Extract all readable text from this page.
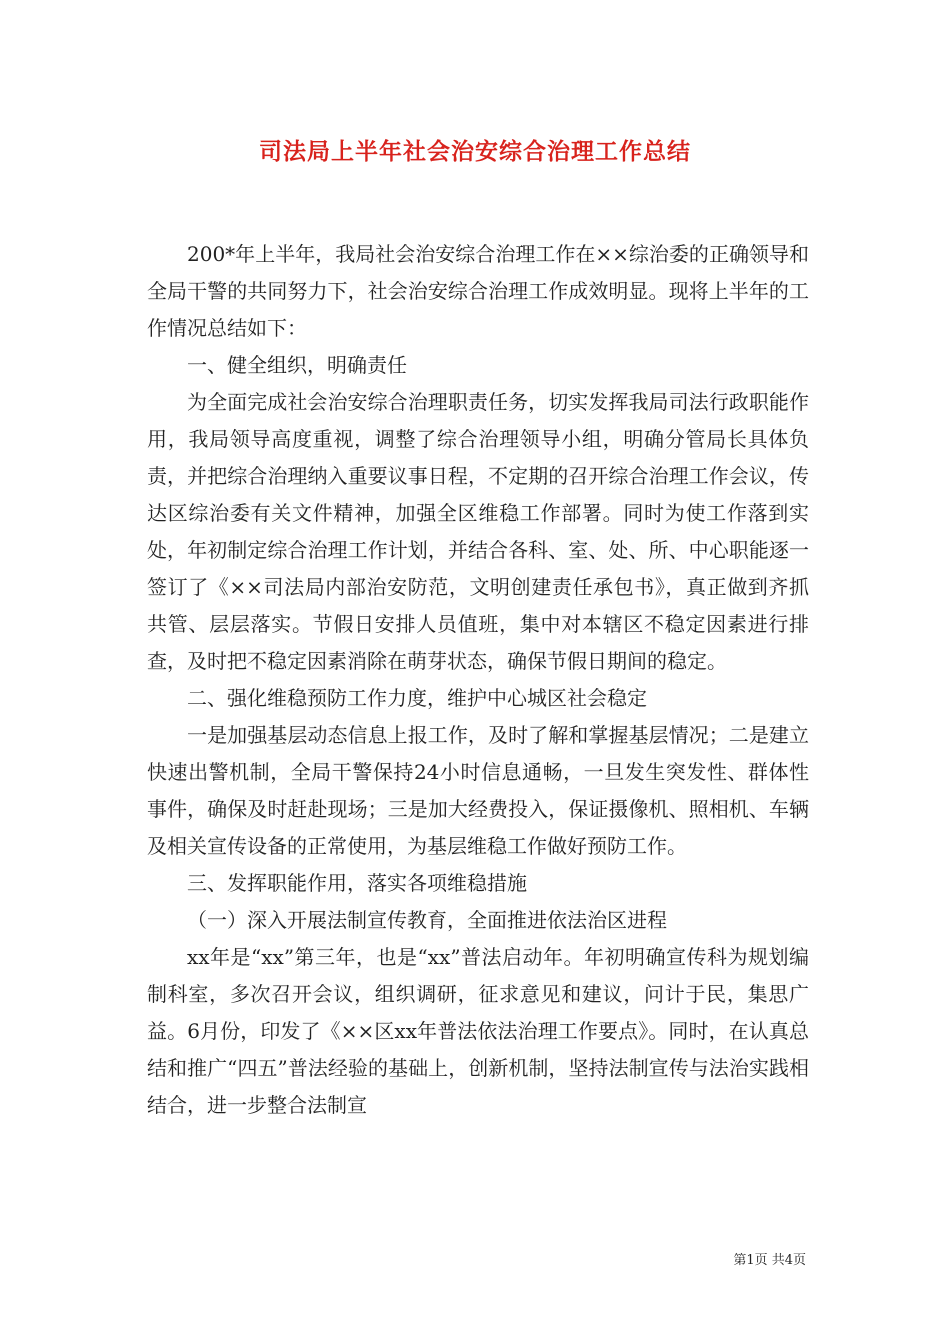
司法局上半年社会治安综合治理工作总结

200*年上半年，我局社会治安综合治理工作在××综治委的正确领导和全局干警的共同努力下，社会治安综合治理工作成效明显。现将上半年的工作情况总结如下：

一、健全组织，明确责任

为全面完成社会治安综合治理职责任务，切实发挥我局司法行政职能作用，我局领导高度重视，调整了综合治理领导小组，明确分管局长具体负责，并把综合治理纳入重要议事日程，不定期的召开综合治理工作会议，传达区综治委有关文件精神，加强全区维稳工作部署。同时为使工作落到实处，年初制定综合治理工作计划，并结合各科、室、处、所、中心职能逐一签订了《××司法局内部治安防范，文明创建责任承包书》，真正做到齐抓共管、层层落实。节假日安排人员值班，集中对本辖区不稳定因素进行排查，及时把不稳定因素消除在萌芽状态，确保节假日期间的稳定。

二、强化维稳预防工作力度，维护中心城区社会稳定

一是加强基层动态信息上报工作，及时了解和掌握基层情况；二是建立快速出警机制，全局干警保持24小时信息通畅，一旦发生突发性、群体性事件，确保及时赶赴现场；三是加大经费投入，保证摄像机、照相机、车辆及相关宣传设备的正常使用，为基层维稳工作做好预防工作。

三、发挥职能作用，落实各项维稳措施

（一）深入开展法制宣传教育，全面推进依法治区进程

xx年是“xx”第三年，也是“xx”普法启动年。年初明确宣传科为规划编制科室，多次召开会议，组织调研，征求意见和建议，问计于民，集思广益。6月份，印发了《××区xx年普法依法治理工作要点》。同时，在认真总结和推广“四五”普法经验的基础上，创新机制，坚持法制宣传与法治实践相结合，进一步整合法制宣

第1页 共4页
